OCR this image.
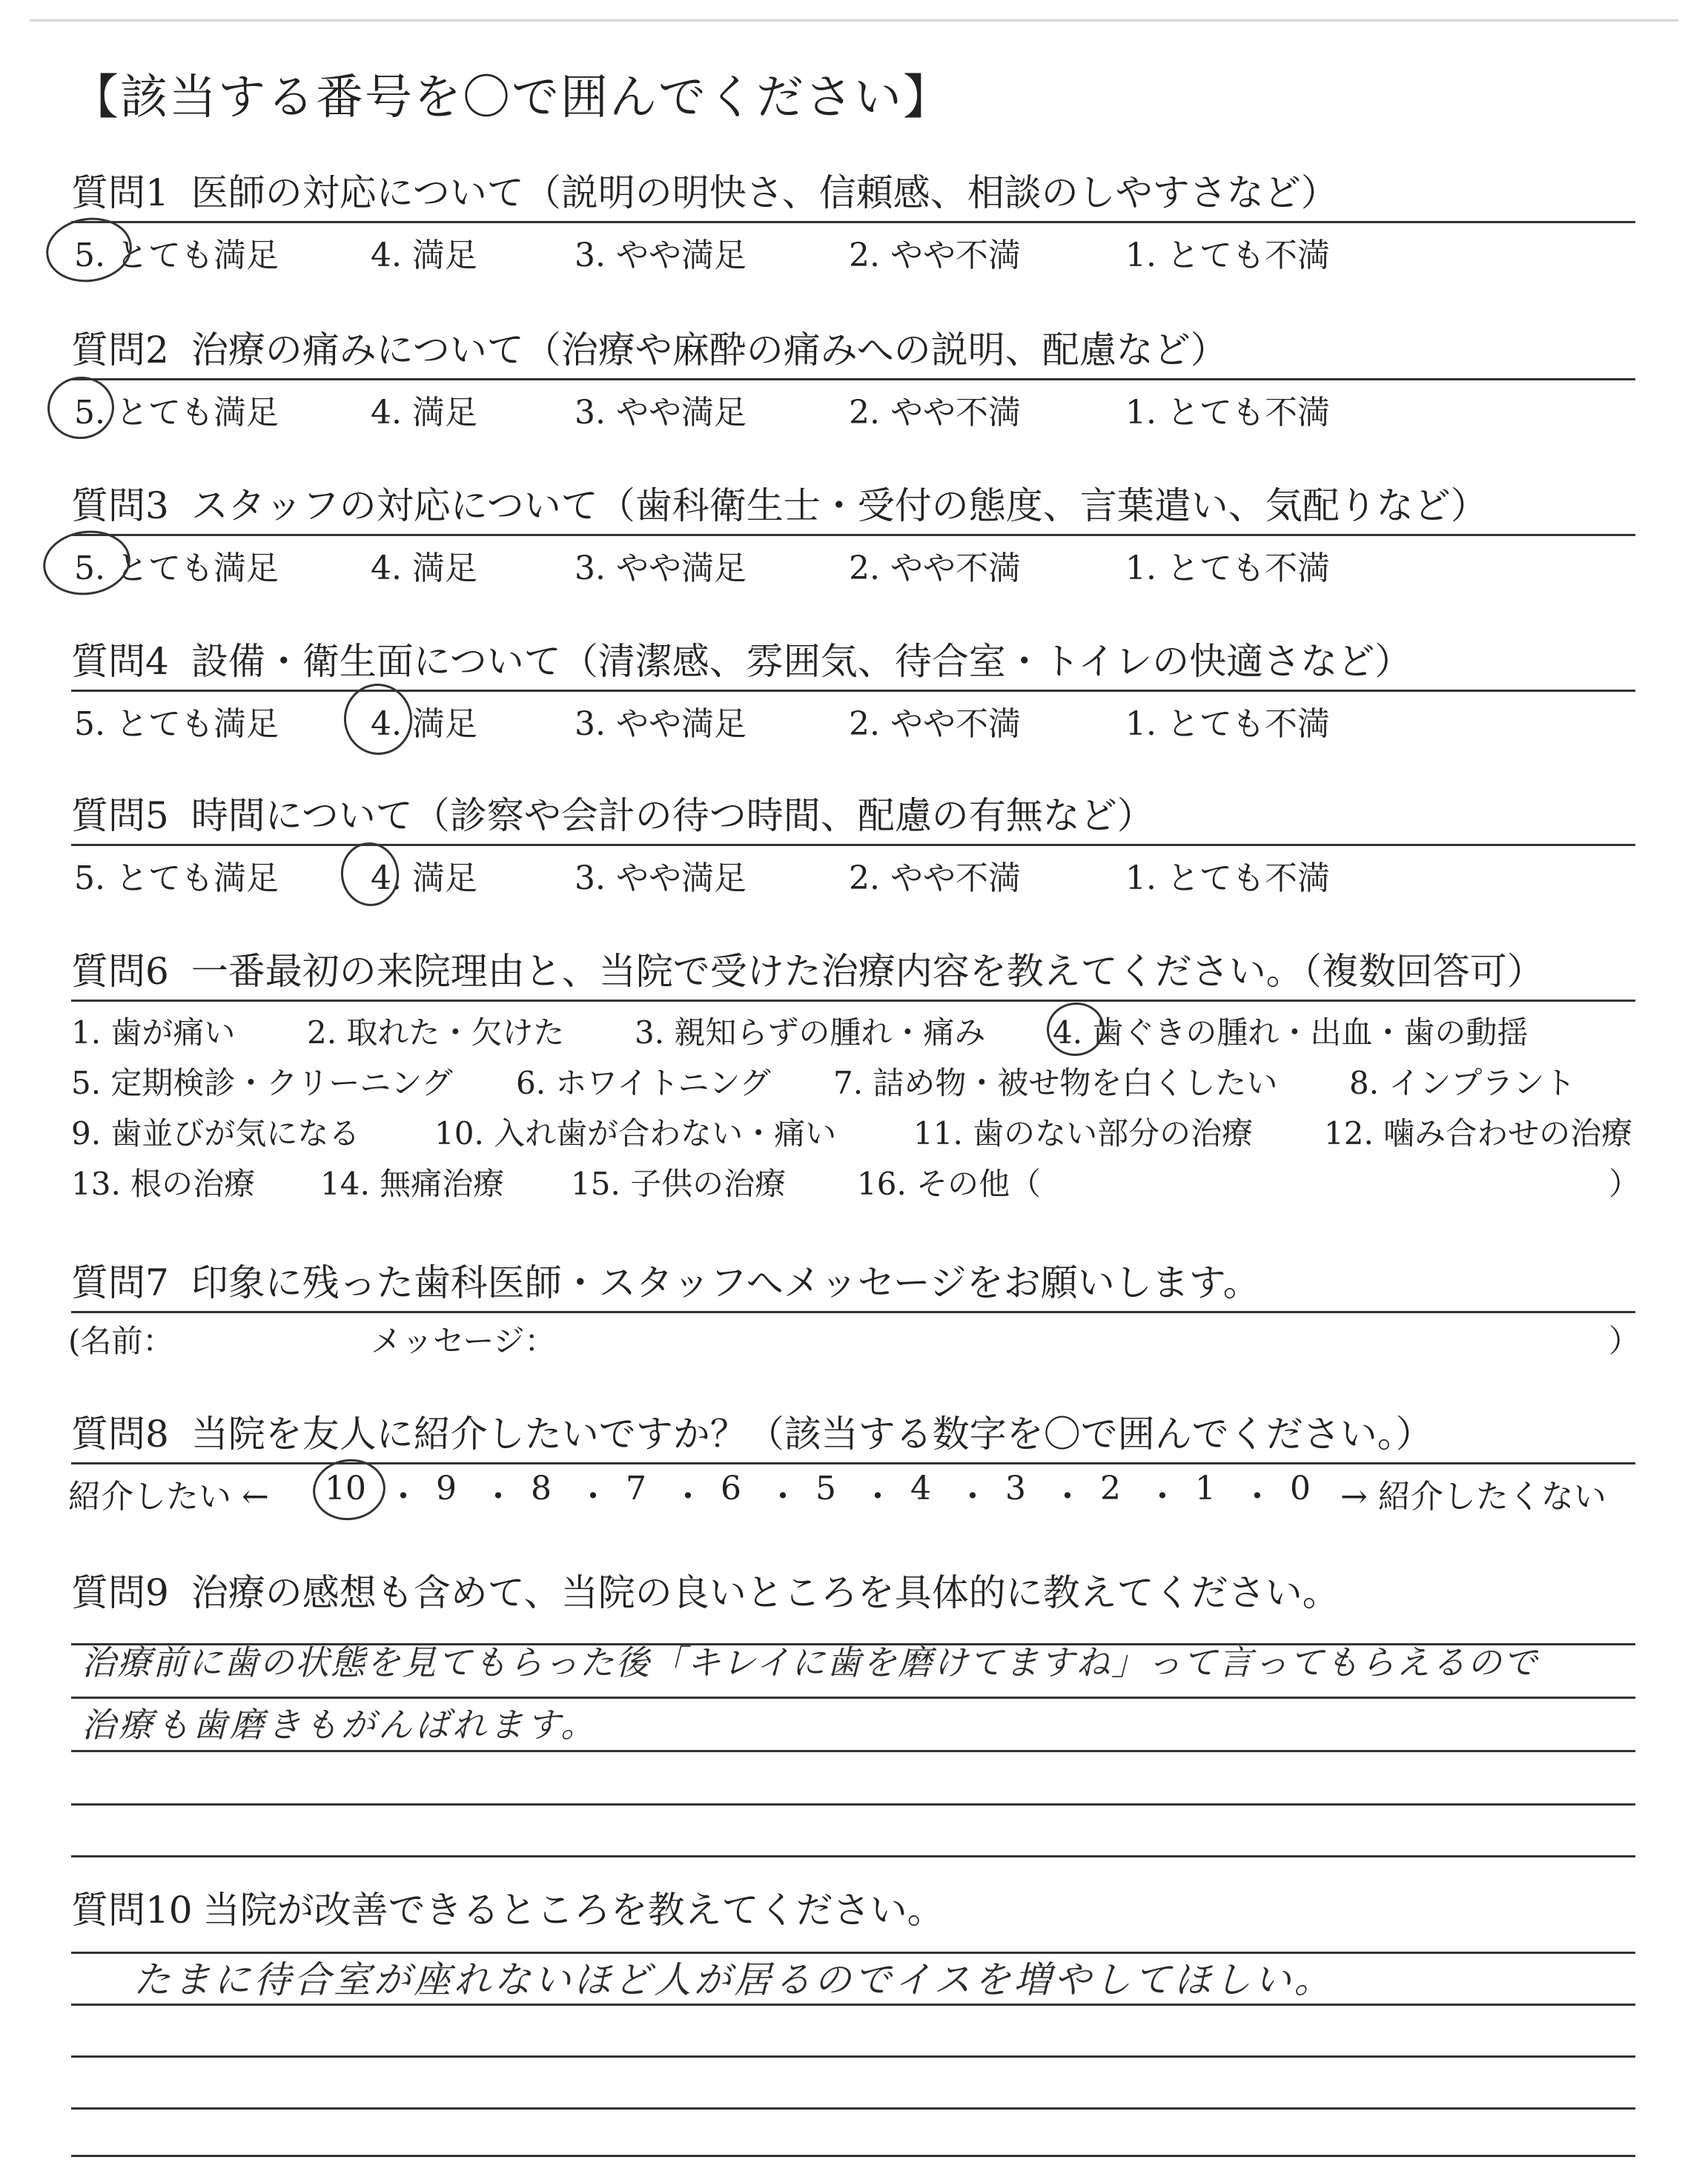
【該当する番号を〇で囲んでください】
質問1 医師の対応について（説明の明快さ、信頼感、相談のしやすさなど）
5. とても満足	4. 満足	3. やや満足	2. やや不満	1. とても不満
質問2 治療の痛みについて（治療や麻酔の痛みへの説明、配慮など）
5. とても満足	4. 満足	3. やや満足	2. やや不満	1. とても不満
質問3 スタッフの対応について（歯科衛生士・受付の態度、言葉遣い、気配りなど）
5. とても満足	4. 満足	3. やや満足	2. やや不満	1. とても不満
質問4 設備・衛生面について（清潔感、雰囲気、待合室・トイレの快適さなど）
5. とても満足	4. 満足	3. やや満足	2. やや不満	1. とても不満
質問5 時間について（診察や会計の待つ時間、配慮の有無など）
5. とても満足	4. 満足	3. やや満足	2. やや不満	1. とても不満
質問6 一番最初の来院理由と、当院で受けた治療内容を教えてください。（複数回答可）
1. 歯が痛い 2. 取れた・欠けた 3. 親知らずの腫れ・痛み 4. 歯ぐきの腫れ・出血・歯の動揺
5. 定期検診・クリーニング 6. ホワイトニング 7. 詰め物・被せ物を白くしたい 8. インプラント
9. 歯並びが気になる 10. 入れ歯が合わない・痛い 11. 歯のない部分の治療 12. 噛み合わせの治療
13. 根の治療 14. 無痛治療 15. 子供の治療 16. その他（	）
質問7 印象に残った歯科医師・スタッフへメッセージをお願いします。
(名前：	メッセージ：	）
質問8 当院を友人に紹介したいですか？（該当する数字を〇で囲んでください。）
紹介したい ← 10 ・ 9 ・ 8 ・ 7 ・ 6 ・ 5 ・ 4 ・ 3 ・ 2 ・ 1 ・ 0 → 紹介したくない
質問9 治療の感想も含めて、当院の良いところを具体的に教えてください。
治療前に歯の状態を見てもらった後「キレイに歯を磨けてますね」って言ってもらえるので
治療も歯磨きもがんばれます。
質問10 当院が改善できるところを教えてください。
たまに待合室が座れないほど人が居るのでイスを増やしてほしい。
